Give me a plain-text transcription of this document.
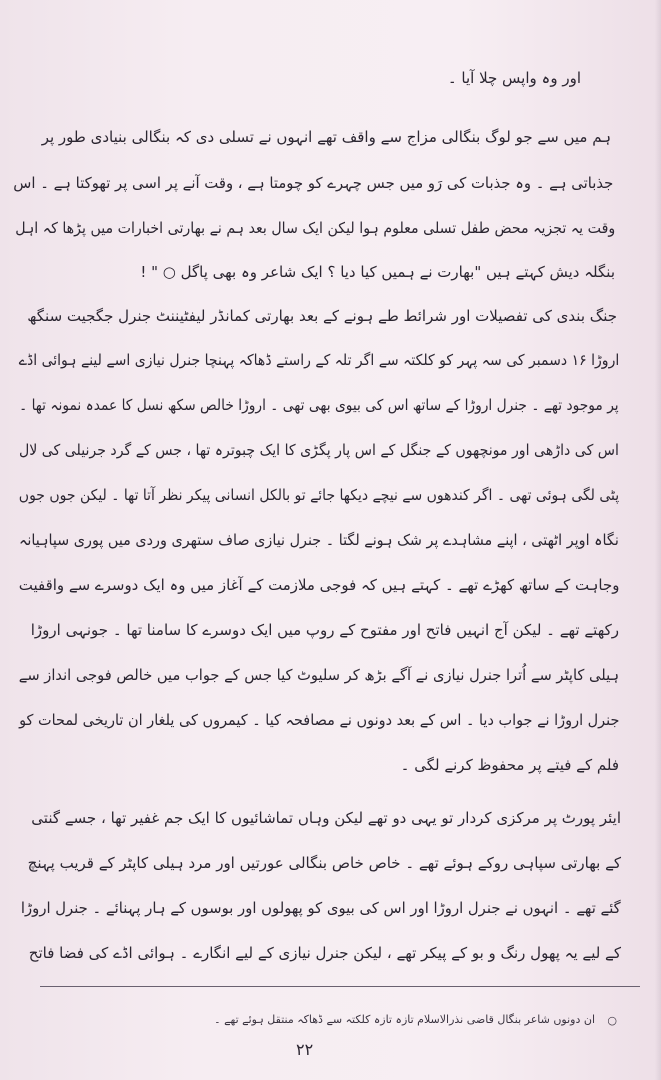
اور وہ واپس چلا آیا ۔
ہم میں سے جو لوگ بنگالی مزاج سے واقف تھے انہوں نے تسلی دی کہ بنگالی بنیادی طور پر
جذباتی ہے ۔ وہ جذبات کی رَو میں جس چہرے کو چومتا ہے ، وقت آنے پر اسی پر تھوکتا ہے ۔ اس
وقت یہ تجزیہ محض طفل تسلی معلوم ہوا لیکن ایک سال بعد ہم نے بھارتی اخبارات میں پڑھا کہ اہل
بنگلہ دیش کہتے ہیں "بھارت نے ہمیں کیا دیا ؟ ایک شاعر وہ بھی پاگل ○ " !
جنگ بندی کی تفصیلات اور شرائط طے ہونے کے بعد بھارتی کمانڈر لیفٹیننٹ جنرل جگجیت سنگھ
اروڑا ۱۶ دسمبر کی سہ پہر کو کلکتہ سے اگر تلہ کے راستے ڈھاکہ پہنچا جنرل نیازی اسے لینے ہوائی اڈے
پر موجود تھے ۔ جنرل اروڑا کے ساتھ اس کی بیوی بھی تھی ۔ اروڑا خالص سکھ نسل کا عمدہ نمونہ تھا ۔
اس کی داڑھی اور مونچھوں کے جنگل کے اس پار پگڑی کا ایک چبوترہ تھا ، جس کے گرد جرنیلی کی لال
پٹی لگی ہوئی تھی ۔ اگر کندھوں سے نیچے دیکھا جائے تو بالکل انسانی پیکر نظر آتا تھا ۔ لیکن جوں جوں
نگاہ اوپر اٹھتی ، اپنے مشاہدے پر شک ہونے لگتا ۔ جنرل نیازی صاف ستھری وردی میں پوری سپاہیانہ
وجاہت کے ساتھ کھڑے تھے ۔ کہتے ہیں کہ فوجی ملازمت کے آغاز میں وہ ایک دوسرے سے واقفیت
رکھتے تھے ۔ لیکن آج انہیں فاتح اور مفتوح کے روپ میں ایک دوسرے کا سامنا تھا ۔ جونہی اروڑا
ہیلی کاپٹر سے اُترا جنرل نیازی نے آگے بڑھ کر سلیوٹ کیا جس کے جواب میں خالص فوجی انداز سے
جنرل اروڑا نے جواب دیا ۔ اس کے بعد دونوں نے مصافحہ کیا ۔ کیمروں کی یلغار ان تاریخی لمحات کو
فلم کے فیتے پر محفوظ کرنے لگی ۔
ایئر پورٹ پر مرکزی کردار تو یہی دو تھے لیکن وہاں تماشائیوں کا ایک جم غفیر تھا ، جسے گنتی
کے بھارتی سپاہی روکے ہوئے تھے ۔ خاص خاص بنگالی عورتیں اور مرد ہیلی کاپٹر کے قریب پہنچ
گئے تھے ۔ انہوں نے جنرل اروڑا اور اس کی بیوی کو پھولوں اور بوسوں کے ہار پہنائے ۔ جنرل اروڑا
کے لیے یہ پھول رنگ و بو کے پیکر تھے ، لیکن جنرل نیازی کے لیے انگارے ۔ ہوائی اڈے کی فضا فاتح
○
ان دونوں شاعر بنگال قاضی نذرالاسلام تازہ تازہ کلکتہ سے ڈھاکہ منتقل ہوئے تھے ۔
۲۲
